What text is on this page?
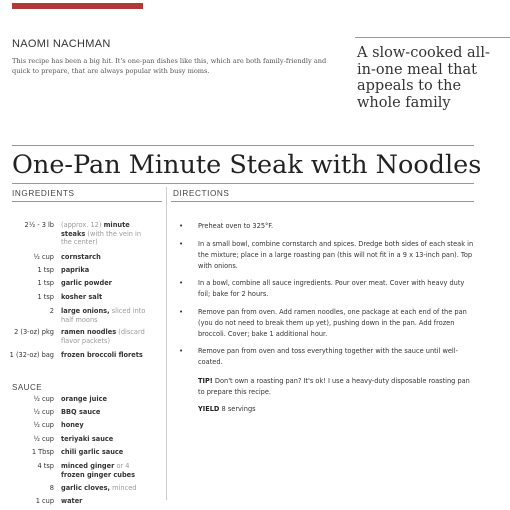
NAOMI NACHMAN
This recipe has been a big hit. It's one-pan dishes like this, which are both family-friendly and quick to prepare, that are always popular with busy moms.
A slow-cooked all-in-one meal that appeals to the whole family
One-Pan Minute Steak with Noodles
INGREDIENTS	DIRECTIONS
2½ - 3 lb	(approx. 12) minute steaks (with the vein in the center)
½ cup	cornstarch
1 tsp	paprika
1 tsp	garlic powder
1 tsp	kosher salt
2	large onions, sliced into half moons
2 (3-oz) pkg	ramen noodles (discard flavor packets)
1 (32-oz) bag	frozen broccoli florets
SAUCE
½ cup	orange juice
½ cup	BBQ sauce
½ cup	honey
½ cup	teriyaki sauce
1 Tbsp	chili garlic sauce
4 tsp	minced ginger or 4 frozen ginger cubes
8	garlic cloves, minced
1 cup	water
•	Preheat oven to 325°F.
•	In a small bowl, combine cornstarch and spices. Dredge both sides of each steak in the mixture; place in a large roasting pan (this will not fit in a 9 x 13-inch pan). Top with onions.
•	In a bowl, combine all sauce ingredients. Pour over meat. Cover with heavy duty foil; bake for 2 hours.
•	Remove pan from oven. Add ramen noodles, one package at each end of the pan (you do not need to break them up yet), pushing down in the pan. Add frozen broccoli. Cover; bake 1 additional hour.
•	Remove pan from oven and toss everything together with the sauce until well-coated.
TIP! Don't own a roasting pan? It's ok! I use a heavy-duty disposable roasting pan to prepare this recipe.
YIELD 8 servings
